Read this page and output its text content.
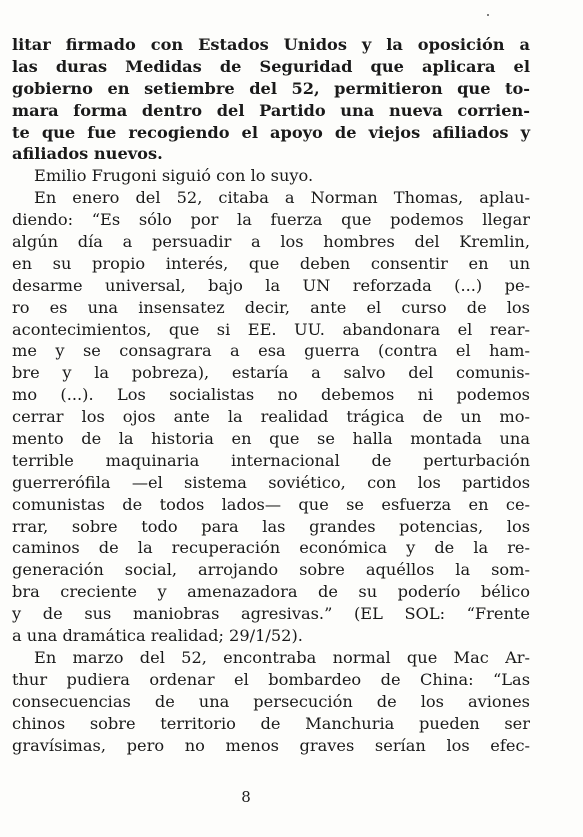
litar firmado con Estados Unidos y la oposición a
las duras Medidas de Seguridad que aplicara el
gobierno en setiembre del 52, permitieron que to-
mara forma dentro del Partido una nueva corrien-
te que fue recogiendo el apoyo de viejos afiliados y
afiliados nuevos.
Emilio Frugoni siguió con lo suyo.
En enero del 52, citaba a Norman Thomas, aplau-
diendo: “Es sólo por la fuerza que podemos llegar
algún día a persuadir a los hombres del Kremlin,
en su propio interés, que deben consentir en un
desarme universal, bajo la UN reforzada (...) pe-
ro es una insensatez decir, ante el curso de los
acontecimientos, que si EE. UU. abandonara el rear-
me y se consagrara a esa guerra (contra el ham-
bre y la pobreza), estaría a salvo del comunis-
mo (...). Los socialistas no debemos ni podemos
cerrar los ojos ante la realidad trágica de un mo-
mento de la historia en que se halla montada una
terrible maquinaria internacional de perturbación
guerrerófila —el sistema soviético, con los partidos
comunistas de todos lados— que se esfuerza en ce-
rrar, sobre todo para las grandes potencias, los
caminos de la recuperación económica y de la re-
generación social, arrojando sobre aquéllos la som-
bra creciente y amenazadora de su poderío bélico
y de sus maniobras agresivas.” (EL SOL: “Frente
a una dramática realidad; 29/1/52).
En marzo del 52, encontraba normal que Mac Ar-
thur pudiera ordenar el bombardeo de China: “Las
consecuencias de una persecución de los aviones
chinos sobre territorio de Manchuria pueden ser
gravísimas, pero no menos graves serían los efec-
8
